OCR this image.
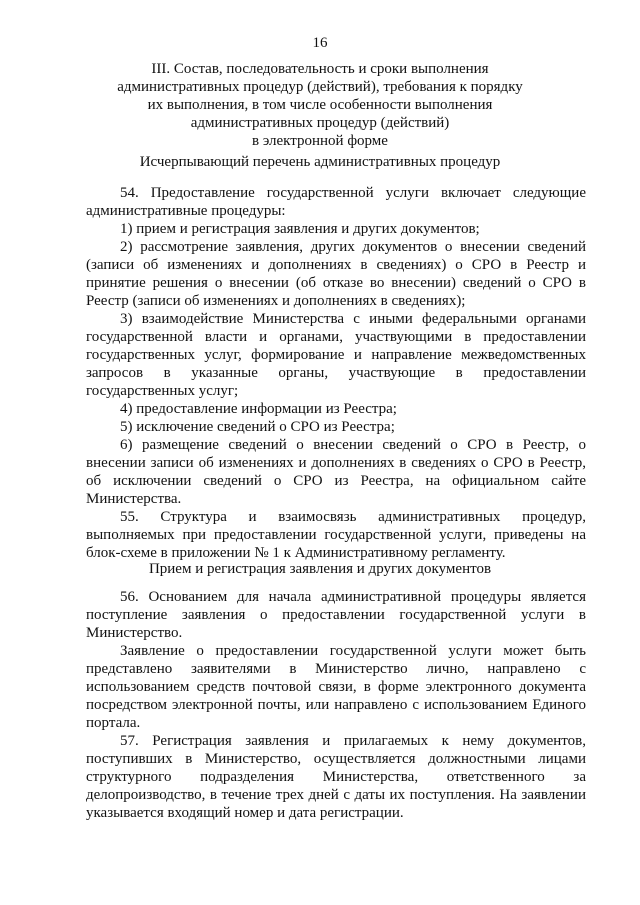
16
III. Состав, последовательность и сроки выполнения
административных процедур (действий), требования к порядку
их выполнения, в том числе особенности выполнения
административных процедур (действий)
в электронной форме
Исчерпывающий перечень административных процедур

54. Предоставление государственной услуги включает следующие административные процедуры:

1) прием и регистрация заявления и других документов;

2) рассмотрение заявления, других документов о внесении сведений (записи об изменениях и дополнениях в сведениях) о СРО в Реестр и принятие решения о внесении (об отказе во внесении) сведений о СРО в Реестр (записи об изменениях и дополнениях в сведениях);

3) взаимодействие Министерства с иными федеральными органами государственной власти и органами, участвующими в предоставлении государственных услуг, формирование и направление межведомственных запросов в указанные органы, участвующие в предоставлении государственных услуг;

4) предоставление информации из Реестра;

5) исключение сведений о СРО из Реестра;

6) размещение сведений о внесении сведений о СРО в Реестр, о внесении записи об изменениях и дополнениях в сведениях о СРО в Реестр, об исключении сведений о СРО из Реестра, на официальном сайте Министерства.

55. Структура и взаимосвязь административных процедур, выполняемых при предоставлении государственной услуги, приведены на блок-схеме в приложении № 1 к Административному регламенту.

Прием и регистрация заявления и других документов

56. Основанием для начала административной процедуры является поступление заявления о предоставлении государственной услуги в Министерство.

Заявление о предоставлении государственной услуги может быть представлено заявителями в Министерство лично, направлено с использованием средств почтовой связи, в форме электронного документа посредством электронной почты, или направлено с использованием Единого портала.

57. Регистрация заявления и прилагаемых к нему документов, поступивших в Министерство, осуществляется должностными лицами структурного подразделения Министерства, ответственного за делопроизводство, в течение трех дней с даты их поступления. На заявлении указывается входящий номер и дата регистрации.
